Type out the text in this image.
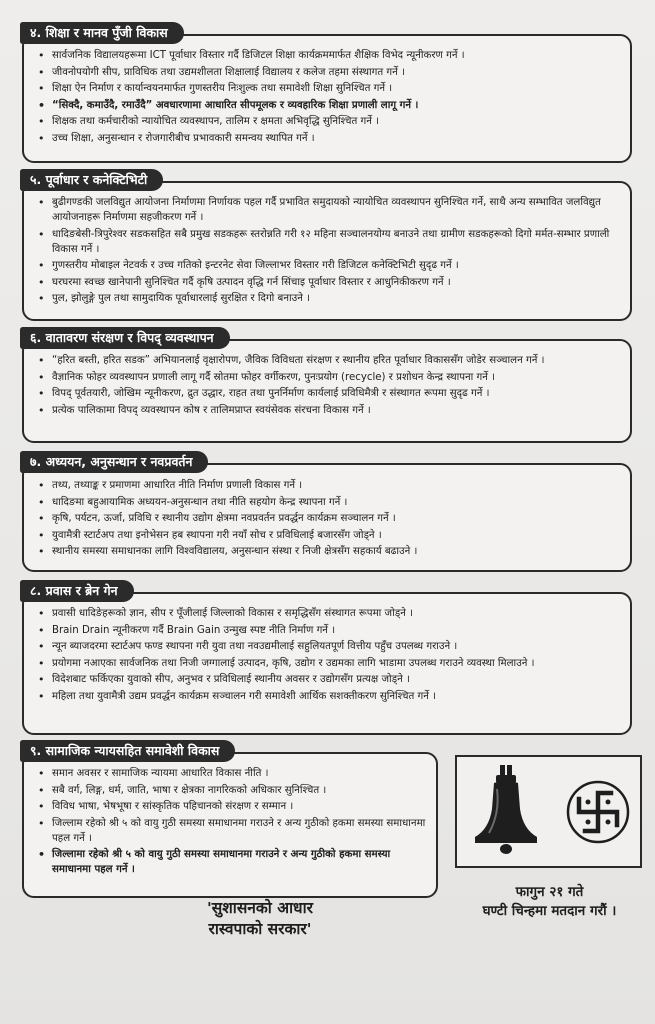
४. शिक्षा र मानव पुँजी विकास
• सार्वजनिक विद्यालयहरूमा ICT पूर्वाधार विस्तार गर्दै डिजिटल शिक्षा कार्यक्रममार्फत शैक्षिक विभेद न्यूनीकरण गर्ने ।
• जीवनोपयोगी सीप, प्राविधिक तथा उद्यमशीलता शिक्षालाई विद्यालय र कलेज तहमा संस्थागत गर्ने ।
• शिक्षा ऐन निर्माण र कार्यान्वयनमार्फत गुणस्तरीय निःशुल्क तथा समावेशी शिक्षा सुनिश्चित गर्ने ।
• “सिक्दै, कमाउँदै, रमाउँदै” अवधारणामा आधारित सीपमूलक र व्यवहारिक शिक्षा प्रणाली लागू गर्ने ।
• शिक्षक तथा कर्मचारीको न्यायोचित व्यवस्थापन, तालिम र क्षमता अभिवृद्धि सुनिश्चित गर्ने ।
• उच्च शिक्षा, अनुसन्धान र रोजगारीबीच प्रभावकारी समन्वय स्थापित गर्ने ।
५. पूर्वाधार र कनेक्टिभिटी
• बुढीगण्डकी जलविद्युत आयोजना निर्माणमा निर्णायक पहल गर्दै प्रभावित समुदायको न्यायोचित व्यवस्थापन सुनिश्चित गर्ने, साथै अन्य सम्भावित जलविद्युत आयोजनाहरू निर्माणमा सहजीकरण गर्ने ।
• धादिङबेसी-त्रिपुरेश्वर सडकसहित सबै प्रमुख सडकहरू स्तरोन्नति गरी १२ महिना सञ्चालनयोग्य बनाउने तथा ग्रामीण सडकहरूको दिगो मर्मत-सम्भार प्रणाली विकास गर्ने ।
• गुणस्तरीय मोबाइल नेटवर्क र उच्च गतिको इन्टरनेट सेवा जिल्लाभर विस्तार गरी डिजिटल कनेक्टिभिटी सुदृढ गर्ने ।
• घरघरमा स्वच्छ खानेपानी सुनिश्चित गर्दै कृषि उत्पादन वृद्धि गर्न सिंचाइ पूर्वाधार विस्तार र आधुनिकीकरण गर्ने ।
• पुल, झोलुङ्गे पुल तथा सामुदायिक पूर्वाधारलाई सुरक्षित र दिगो बनाउने ।
६. वातावरण संरक्षण र विपद् व्यवस्थापन
• “हरित बस्ती, हरित सडक” अभियानलाई वृक्षारोपण, जैविक विविधता संरक्षण र स्थानीय हरित पूर्वाधार विकाससँग जोडेर सञ्चालन गर्ने ।
• वैज्ञानिक फोहर व्यवस्थापन प्रणाली लागू गर्दै स्रोतमा फोहर वर्गीकरण, पुनःप्रयोग (recycle) र प्रशोधन केन्द्र स्थापना गर्ने ।
• विपद् पूर्वतयारी, जोखिम न्यूनीकरण, द्रुत उद्धार, राहत तथा पुनर्निर्माण कार्यलाई प्रविधिमैत्री र संस्थागत रूपमा सुदृढ गर्ने ।
• प्रत्येक पालिकामा विपद् व्यवस्थापन कोष र तालिमप्राप्त स्वयंसेवक संरचना विकास गर्ने ।
७. अध्ययन, अनुसन्धान र नवप्रवर्तन
• तथ्य, तथ्याङ्क र प्रमाणमा आधारित नीति निर्माण प्रणाली विकास गर्ने ।
• धादिङमा बहुआयामिक अध्ययन-अनुसन्धान तथा नीति सहयोग केन्द्र स्थापना गर्ने ।
• कृषि, पर्यटन, ऊर्जा, प्रविधि र स्थानीय उद्योग क्षेत्रमा नवप्रवर्तन प्रवर्द्धन कार्यक्रम सञ्चालन गर्ने ।
• युवामैत्री स्टार्टअप तथा इनोभेसन हब स्थापना गरी नयाँ सोच र प्रविधिलाई बजारसँग जोड्ने ।
• स्थानीय समस्या समाधानका लागि विश्वविद्यालय, अनुसन्धान संस्था र निजी क्षेत्रसँग सहकार्य बढाउने ।
८. प्रवास र ब्रेन गेन
• प्रवासी धादिङेहरूको ज्ञान, सीप र पूँजीलाई जिल्लाको विकास र समृद्धिसँग संस्थागत रूपमा जोड्ने ।
• Brain Drain न्यूनीकरण गर्दै Brain Gain उन्मुख स्पष्ट नीति निर्माण गर्ने ।
• न्यून ब्याजदरमा स्टार्टअप फण्ड स्थापना गरी युवा तथा नवउद्यमीलाई सहुलियतपूर्ण वित्तीय पहुँच उपलब्ध गराउने ।
• प्रयोगमा नआएका सार्वजनिक तथा निजी जग्गालाई उत्पादन, कृषि, उद्योग र उद्यमका लागि भाडामा उपलब्ध गराउने व्यवस्था मिलाउने ।
• विदेशबाट फर्किएका युवाको सीप, अनुभव र प्रविधिलाई स्थानीय अवसर र उद्योगसँग प्रत्यक्ष जोड्ने ।
• महिला तथा युवामैत्री उद्यम प्रवर्द्धन कार्यक्रम सञ्चालन गरी समावेशी आर्थिक सशक्तीकरण सुनिश्चित गर्ने ।
९. सामाजिक न्यायसहित समावेशी विकास
• समान अवसर र सामाजिक न्यायमा आधारित विकास नीति ।
• सबै वर्ग, लिङ्ग, धर्म, जाति, भाषा र क्षेत्रका नागरिकको अधिकार सुनिश्चित ।
• विविध भाषा, भेषभूषा र सांस्कृतिक पहिचानको संरक्षण र सम्मान ।
• जिल्लाम रहेको श्री ५ को वायु गुठी समस्या समाधानमा गराउने र अन्य गुठीको हकमा समस्या समाधानमा पहल गर्ने ।
• जिल्लामा रहेको श्री ५ को वायु गुठी समस्या समाधानमा गराउने र अन्य गुठीको हकमा समस्या समाधानमा पहल गर्ने ।
'सुशासनको आधार
रास्वपाको सरकार'
फागुन २१ गते
घण्टी चिन्हमा मतदान गरौं ।
